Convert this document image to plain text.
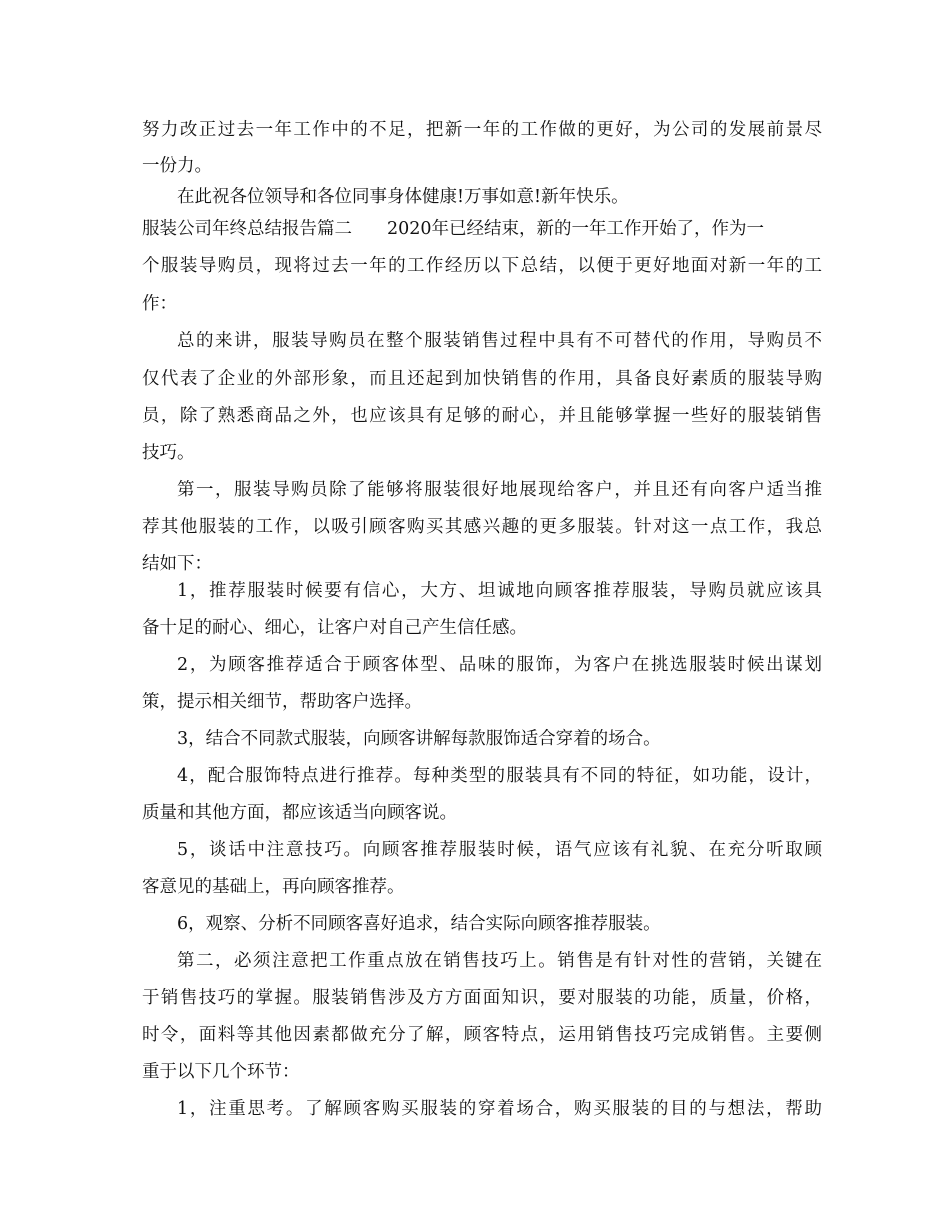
努力改正过去一年工作中的不足，把新一年的工作做的更好，为公司的发展前景尽
一份力。
在此祝各位领导和各位同事身体健康!万事如意!新年快乐。
服装公司年终总结报告篇二　　2020年已经结束，新的一年工作开始了，作为一
个服装导购员，现将过去一年的工作经历以下总结，以便于更好地面对新一年的工
作：
总的来讲，服装导购员在整个服装销售过程中具有不可替代的作用，导购员不
仅代表了企业的外部形象，而且还起到加快销售的作用，具备良好素质的服装导购
员，除了熟悉商品之外，也应该具有足够的耐心，并且能够掌握一些好的服装销售
技巧。
第一，服装导购员除了能够将服装很好地展现给客户，并且还有向客户适当推
荐其他服装的工作，以吸引顾客购买其感兴趣的更多服装。针对这一点工作，我总
结如下：
1，推荐服装时候要有信心，大方、坦诚地向顾客推荐服装，导购员就应该具
备十足的耐心、细心，让客户对自己产生信任感。
2，为顾客推荐适合于顾客体型、品味的服饰，为客户在挑选服装时候出谋划
策，提示相关细节，帮助客户选择。
3，结合不同款式服装，向顾客讲解每款服饰适合穿着的场合。
4，配合服饰特点进行推荐。每种类型的服装具有不同的特征，如功能，设计，
质量和其他方面，都应该适当向顾客说。
5，谈话中注意技巧。向顾客推荐服装时候，语气应该有礼貌、在充分听取顾
客意见的基础上，再向顾客推荐。
6，观察、分析不同顾客喜好追求，结合实际向顾客推荐服装。
第二，必须注意把工作重点放在销售技巧上。销售是有针对性的营销，关键在
于销售技巧的掌握。服装销售涉及方方面面知识，要对服装的功能，质量，价格，
时令，面料等其他因素都做充分了解，顾客特点，运用销售技巧完成销售。主要侧
重于以下几个环节：
1，注重思考。了解顾客购买服装的穿着场合，购买服装的目的与想法，帮助
